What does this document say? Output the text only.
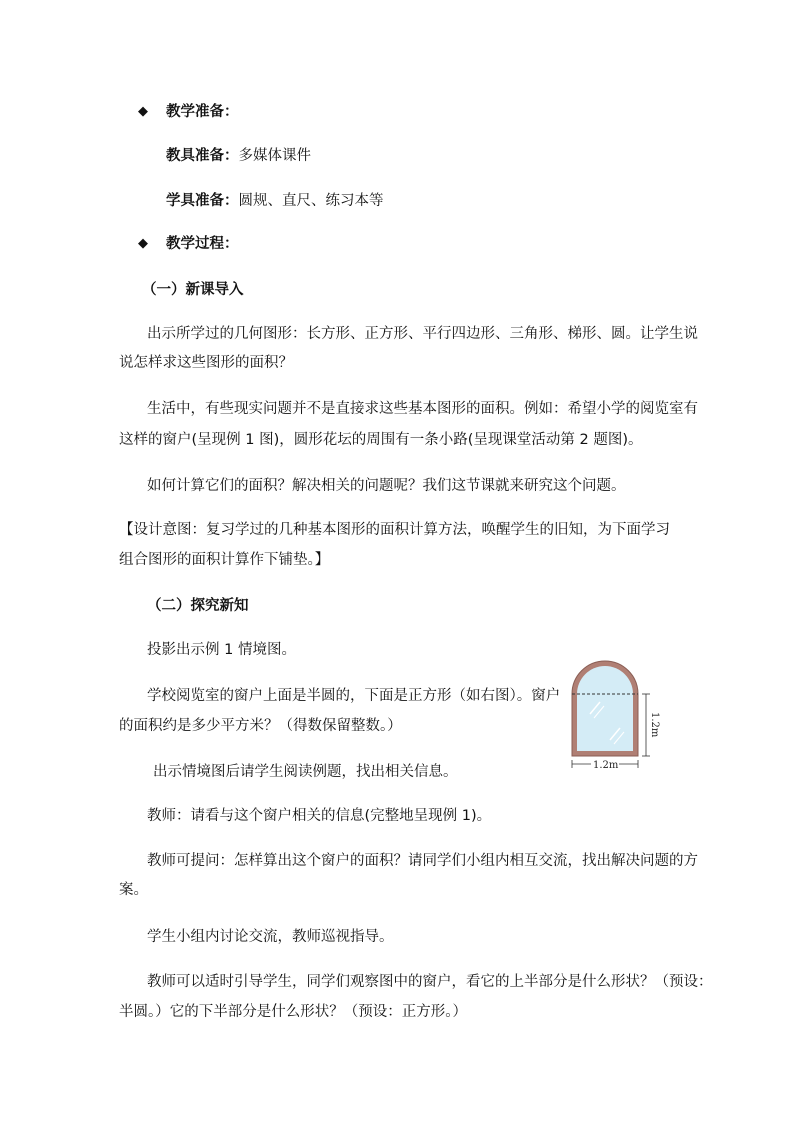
◆ 教学准备：

教具准备：多媒体课件

学具准备：圆规、直尺、练习本等

◆ 教学过程：

（一）新课导入

出示所学过的几何图形：长方形、正方形、平行四边形、三角形、梯形、圆。让学生说

说怎样求这些图形的面积？

生活中，有些现实问题并不是直接求这些基本图形的面积。例如：希望小学的阅览室有

这样的窗户(呈现例 1 图)，圆形花坛的周围有一条小路(呈现课堂活动第 2 题图)。

如何计算它们的面积？解决相关的问题呢？我们这节课就来研究这个问题。

【设计意图：复习学过的几种基本图形的面积计算方法，唤醒学生的旧知，为下面学习

组合图形的面积计算作下铺垫。】

（二）探究新知

投影出示例 1 情境图。

学校阅览室的窗户上面是半圆的，下面是正方形（如右图）。窗户

的面积约是多少平方米？（得数保留整数。）

出示情境图后请学生阅读例题，找出相关信息。

教师：请看与这个窗户相关的信息(完整地呈现例 1)。

教师可提问：怎样算出这个窗户的面积？请同学们小组内相互交流，找出解决问题的方

案。

学生小组内讨论交流，教师巡视指导。

教师可以适时引导学生，同学们观察图中的窗户，看它的上半部分是什么形状？（预设：

半圆。）它的下半部分是什么形状？（预设：正方形。）

1.2m
1.2m
